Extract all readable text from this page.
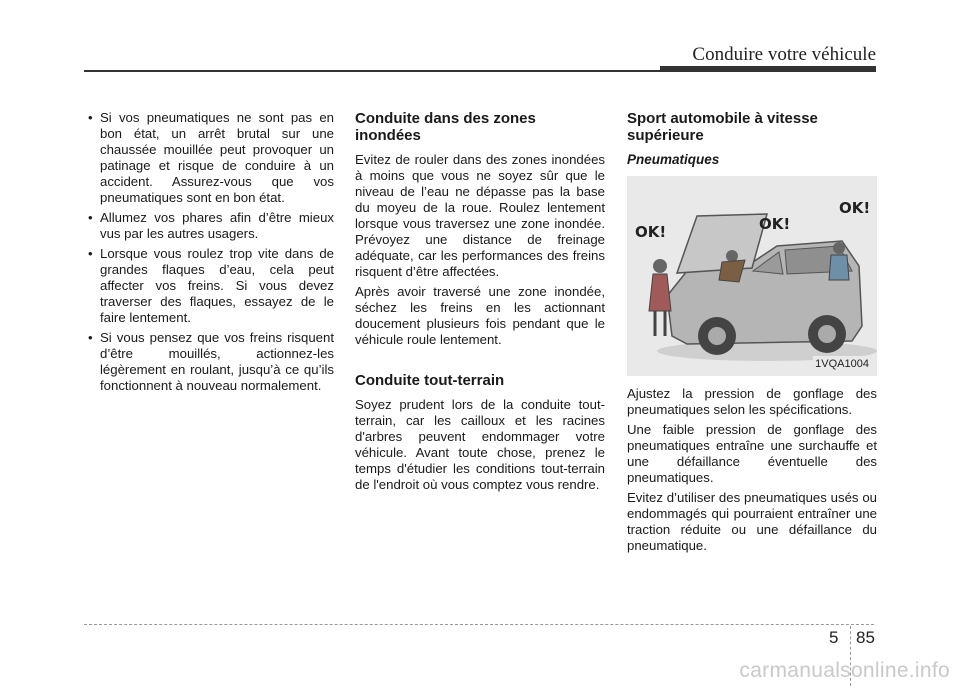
Conduire votre véhicule
• Si vos pneumatiques ne sont pas en bon état, un arrêt brutal sur une chaussée mouillée peut provoquer un patinage et risque de conduire à un accident. Assurez-vous que vos pneumatiques sont en bon état.
• Allumez vos phares afin d’être mieux vus par les autres usagers.
• Lorsque vous roulez trop vite dans de grandes flaques d’eau, cela peut affecter vos freins. Si vous devez traverser des flaques, essayez de le faire lentement.
• Si vous pensez que vos freins risquent d’être mouillés, actionnez-les légèrement en roulant, jusqu’à ce qu’ils fonctionnent à nouveau normalement.
Conduite dans des zones inondées

Evitez de rouler dans des zones inondées à moins que vous ne soyez sûr que le niveau de l’eau ne dépasse pas la base du moyeu de la roue. Roulez lentement lorsque vous traversez une zone inondée. Prévoyez une distance de freinage adéquate, car les performances des freins risquent d’être affectées.

Après avoir traversé une zone inondée, séchez les freins en les actionnant doucement plusieurs fois pendant que le véhicule roule lentement.

Conduite tout-terrain

Soyez prudent lors de la conduite tout-terrain, car les cailloux et les racines d'arbres peuvent endommager votre véhicule. Avant toute chose, prenez le temps d'étudier les conditions tout-terrain de l'endroit où vous comptez vous rendre.

Sport automobile à vitesse supérieure
Pneumatiques
OK!	OK!
OK!
1VQA1004

Ajustez la pression de gonflage des pneumatiques selon les spécifications.

Une faible pression de gonflage des pneumatiques entraîne une surchauffe et une défaillance éventuelle des pneumatiques.

Evitez d’utiliser des pneumatiques usés ou endommagés qui pourraient entraîner une traction réduite ou une défaillance du pneumatique.

5 85
carmanualsonline.info
